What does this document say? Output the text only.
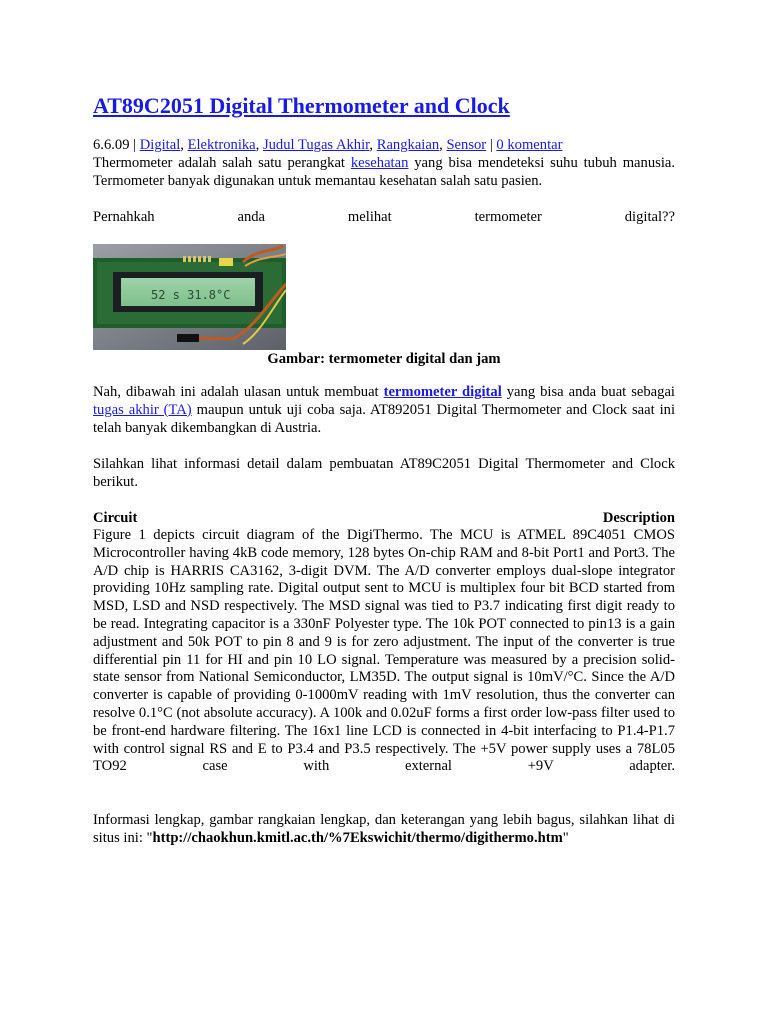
AT89C2051 Digital Thermometer and Clock
6.6.09 | Digital, Elektronika, Judul Tugas Akhir, Rangkaian, Sensor | 0 komentar
Thermometer adalah salah satu perangkat kesehatan yang bisa mendeteksi suhu tubuh manusia. Termometer banyak digunakan untuk memantau kesehatan salah satu pasien.
Pernahkah anda melihat termometer digital??
52 s 31.8°C
Gambar: termometer digital dan jam
Nah, dibawah ini adalah ulasan untuk membuat termometer digital yang bisa anda buat sebagai tugas akhir (TA) maupun untuk uji coba saja. AT892051 Digital Thermometer and Clock saat ini telah banyak dikembangkan di Austria.
Silahkan lihat informasi detail dalam pembuatan AT89C2051 Digital Thermometer and Clock berikut.
Circuit	Description
Figure 1 depicts circuit diagram of the DigiThermo. The MCU is ATMEL 89C4051 CMOS Microcontroller having 4kB code memory, 128 bytes On-chip RAM and 8-bit Port1 and Port3. The A/D chip is HARRIS CA3162, 3-digit DVM. The A/D converter employs dual-slope integrator providing 10Hz sampling rate. Digital output sent to MCU is multiplex four bit BCD started from MSD, LSD and NSD respectively. The MSD signal was tied to P3.7 indicating first digit ready to be read. Integrating capacitor is a 330nF Polyester type. The 10k POT connected to pin13 is a gain adjustment and 50k POT to pin 8 and 9 is for zero adjustment. The input of the converter is true differential pin 11 for HI and pin 10 LO signal. Temperature was measured by a precision solid-state sensor from National Semiconductor, LM35D. The output signal is 10mV/°C. Since the A/D converter is capable of providing 0-1000mV reading with 1mV resolution, thus the converter can resolve 0.1°C (not absolute accuracy). A 100k and 0.02uF forms a first order low-pass filter used to be front-end hardware filtering. The 16x1 line LCD is connected in 4-bit interfacing to P1.4-P1.7 with control signal RS and E to P3.4 and P3.5 respectively. The +5V power supply uses a 78L05 TO92 case with external +9V adapter.
Informasi lengkap, gambar rangkaian lengkap, dan keterangan yang lebih bagus, silahkan lihat di situs ini: "http://chaokhun.kmitl.ac.th/%7Ekswichit/thermo/digithermo.htm"
